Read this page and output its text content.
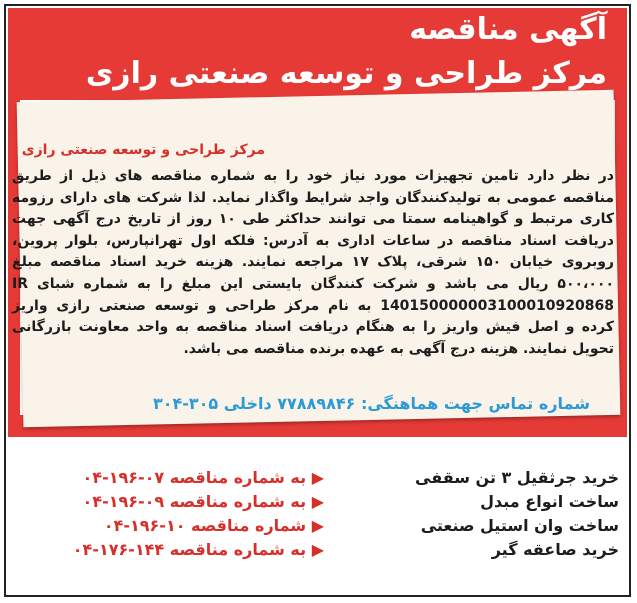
آگهی مناقصه
مرکز طراحی و توسعه صنعتی رازی
مرکز طراحی و توسعه صنعتی رازی
در نظر دارد تامین تجهیزات مورد نیاز خود را به شماره مناقصه های ذیل از طریق مناقصه عمومی به تولیدکنندگان واجد شرایط واگذار نماید. لذا شرکت های دارای رزومه کاری مرتبط و گواهینامه سمتا می توانند حداکثر طی ۱۰ روز از تاریخ درج آگهی جهت دریافت اسناد مناقصه در ساعات اداری به آدرس: فلکه اول تهرانپارس، بلوار پروین، روبروی خیابان ۱۵۰ شرقی، پلاک ۱۷ مراجعه نمایند. هزینه خرید اسناد مناقصه مبلغ ۵۰۰،۰۰۰ ریال می باشد و شرکت کنندگان بایستی این مبلغ را به شماره شبای IR 140150000003100010920868 به نام مرکز طراحی و توسعه صنعتی رازی واریز کرده و اصل فیش واریز را به هنگام دریافت اسناد مناقصه به واحد معاونت بازرگانی تحویل نمایند. هزینه درج آگهی به عهده برنده مناقصه می باشد.
شماره تماس جهت هماهنگی: ۷۷۸۸۹۸۴۶ داخلی ۳۰۵-۳۰۴
خرید جرثقیل ۳ تن سقفی
▶ به شماره مناقصه ۰۷-۱۹۶-۰۴
ساخت انواع مبدل
▶ به شماره مناقصه ۰۹-۱۹۶-۰۴
ساخت وان استیل صنعتی
▶ شماره مناقصه ۱۰-۱۹۶-۰۴
خرید صاعقه گیر
▶ به شماره مناقصه ۱۴۴-۱۷۶-۰۴
